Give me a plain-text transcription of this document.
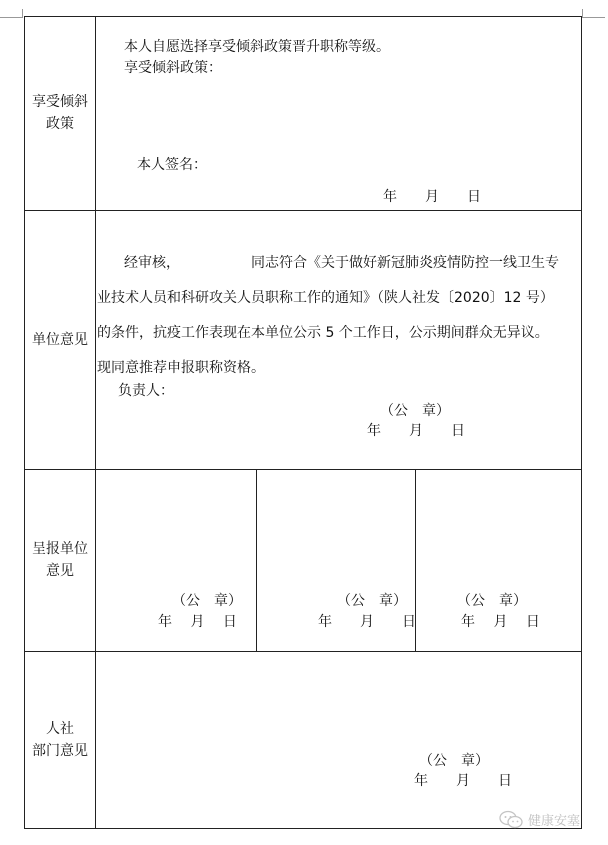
享受倾斜
政策
本人自愿选择享受倾斜政策晋升职称等级。
享受倾斜政策：
本人签名：
年　　月　　日
单位意见
经审核，	同志符合《关于做好新冠肺炎疫情防控一线卫生专
业技术人员和科研攻关人员职称工作的通知》（陕人社发〔2020〕12 号）
的条件，抗疫工作表现在本单位公示 5 个工作日，公示期间群众无异议。
现同意推荐申报职称资格。
负责人：
（公　章）
年　　月　　日
呈报单位
意见
（公　章）
年　 月　 日
（公　章）
年　　月　　日
（公　章）
年　 月　 日
人社
部门意见
（公　章）
年　　月　　日
健康安塞
